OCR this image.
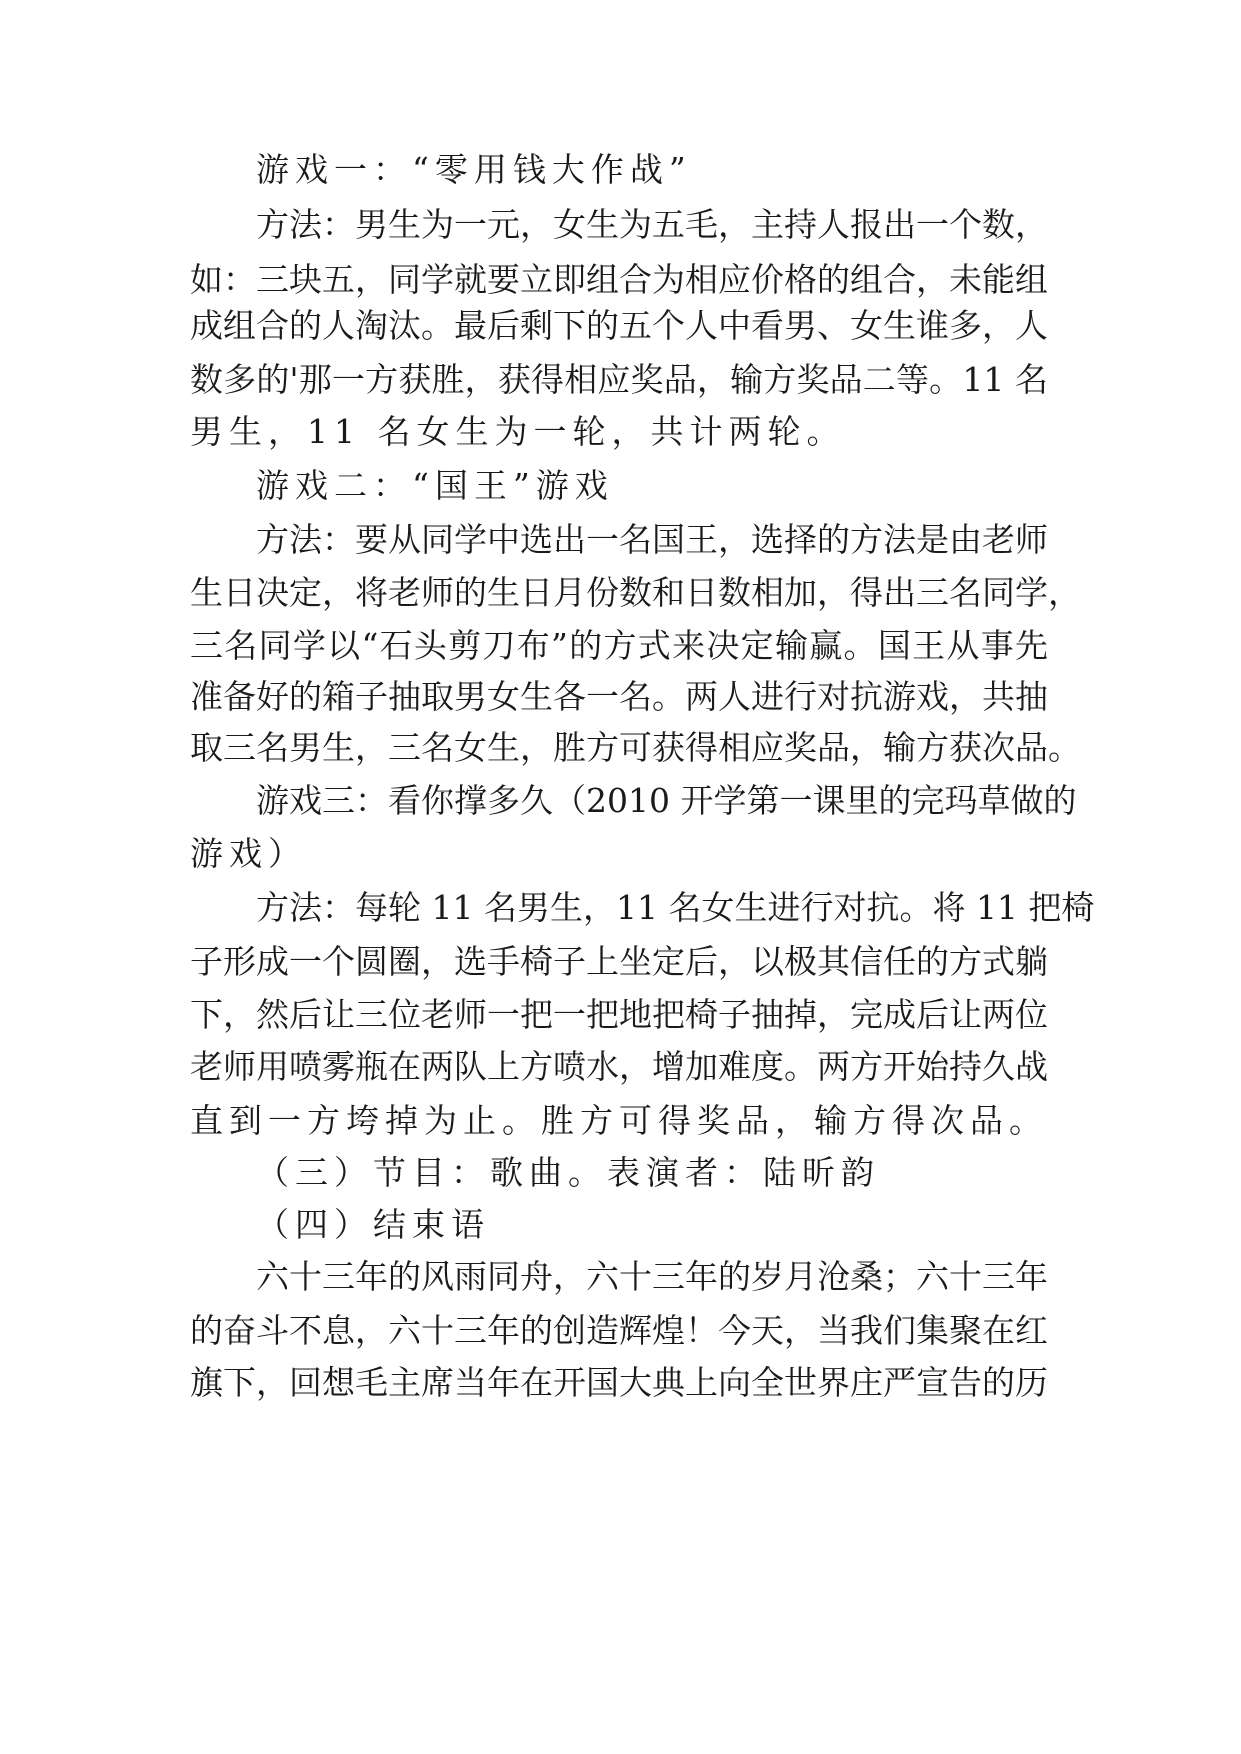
游戏一：“零用钱大作战”
方法：男生为一元，女生为五毛，主持人报出一个数，
如：三块五，同学就要立即组合为相应价格的组合，未能组
成组合的人淘汰。最后剩下的五个人中看男、女生谁多，人
数多的'那一方获胜，获得相应奖品，输方奖品二等。11 名
男生，11 名女生为一轮，共计两轮。
游戏二：“国王”游戏
方法：要从同学中选出一名国王，选择的方法是由老师
生日决定，将老师的生日月份数和日数相加，得出三名同学，
三名同学以“石头剪刀布”的方式来决定输赢。国王从事先
准备好的箱子抽取男女生各一名。两人进行对抗游戏，共抽
取三名男生，三名女生，胜方可获得相应奖品，输方获次品。
游戏三：看你撑多久（2010 开学第一课里的完玛草做的
游戏）
方法：每轮 11 名男生，11 名女生进行对抗。将 11 把椅
子形成一个圆圈，选手椅子上坐定后，以极其信任的方式躺
下，然后让三位老师一把一把地把椅子抽掉，完成后让两位
老师用喷雾瓶在两队上方喷水，增加难度。两方开始持久战
直到一方垮掉为止。胜方可得奖品，输方得次品。
（三）节目：歌曲。表演者：陆昕韵
（四）结束语
六十三年的风雨同舟，六十三年的岁月沧桑；六十三年
的奋斗不息，六十三年的创造辉煌！今天，当我们集聚在红
旗下，回想毛主席当年在开国大典上向全世界庄严宣告的历
